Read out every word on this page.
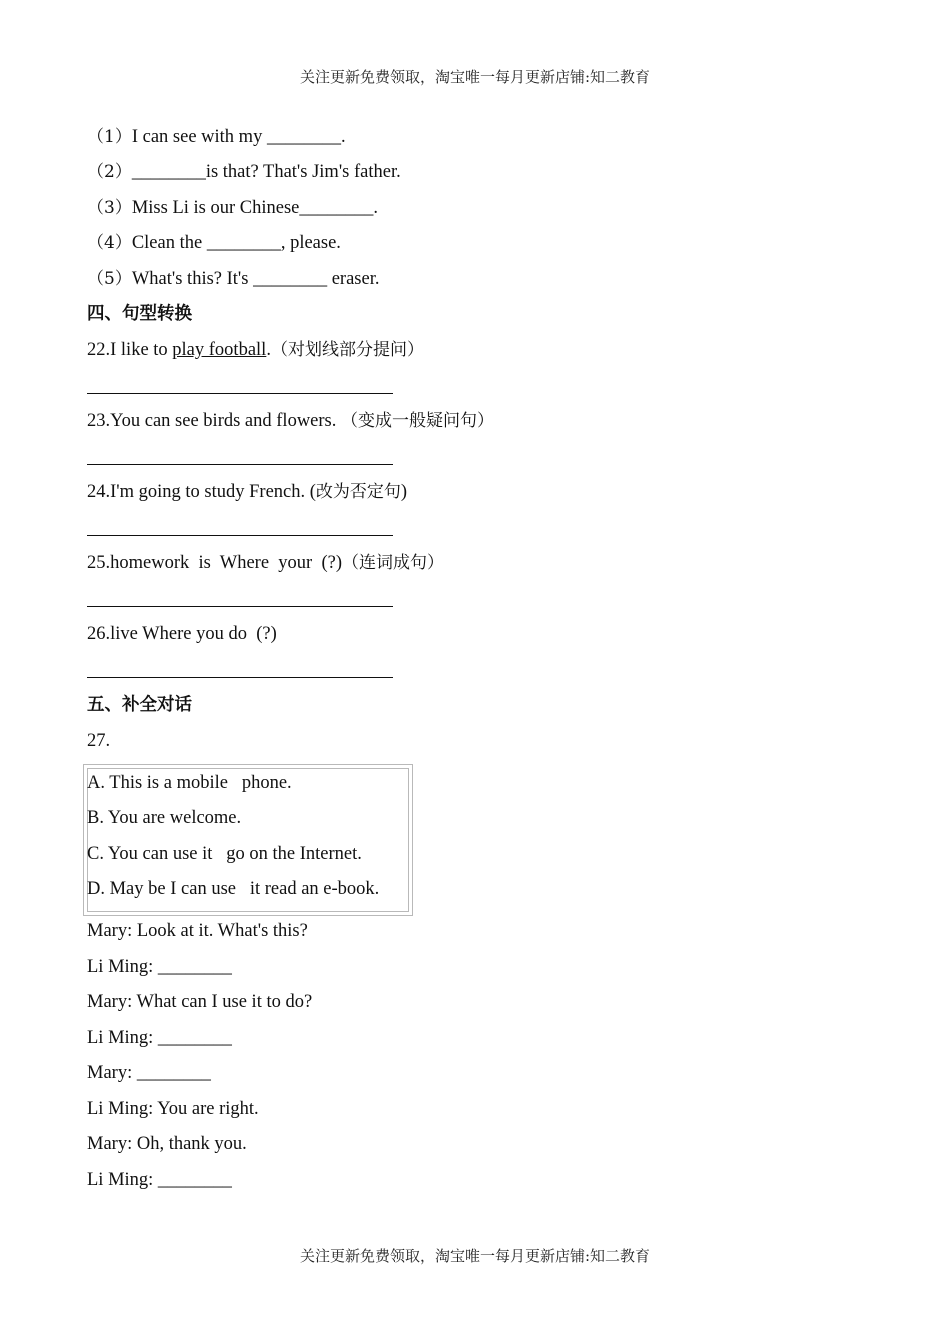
关注更新免费领取，淘宝唯一每月更新店铺:知二教育
（1）I can see with my ________.
（2）________is that? That's Jim's father.
（3）Miss Li is our Chinese________.
（4）Clean the ________, please.
（5）What's this? It's ________ eraser.
四、句型转换
22.I like to play football.（对划线部分提问）
23.You can see birds and flowers. （变成一般疑问句）
24.I'm going to study French. (改为否定句)
25.homework  is  Where  your  (?)（连词成句）
26.live Where you do  (?)
五、补全对话
27.
A. This is a mobile   phone.
B. You are welcome.
C. You can use it   go on the Internet.
D. May be I can use   it read an e-book.
Mary: Look at it. What's this?
Li Ming: ________
Mary: What can I use it to do?
Li Ming: ________
Mary: ________
Li Ming: You are right.
Mary: Oh, thank you.
Li Ming: ________
关注更新免费领取，淘宝唯一每月更新店铺:知二教育
